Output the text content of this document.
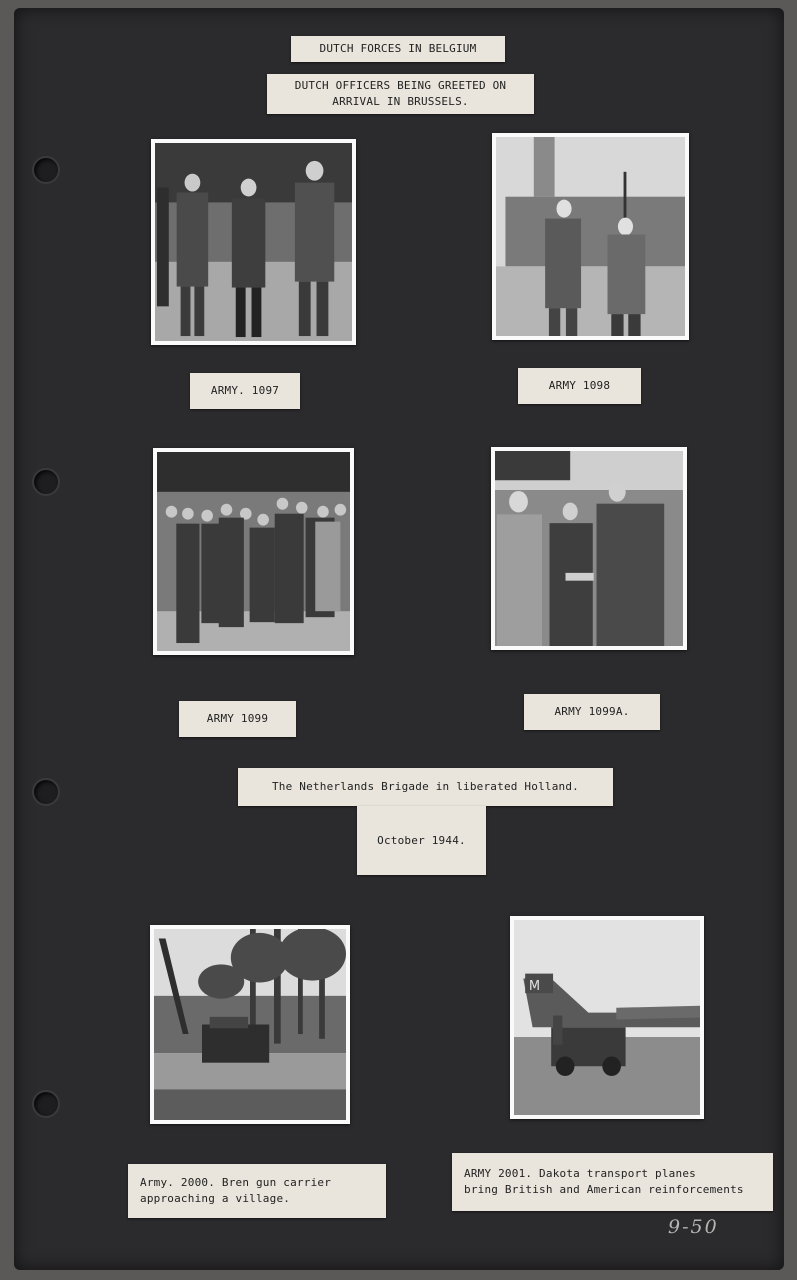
DUTCH FORCES IN BELGIUM
DUTCH OFFICERS BEING GREETED ON
ARRIVAL IN BRUSSELS.
ARMY. 1097	ARMY 1098
ARMY 1099
ARMY 1099A.
The Netherlands Brigade in liberated Holland.
October 1944.
Army. 2000. Bren gun carrier
approaching a village.
M
ARMY 2001. Dakota transport planes
bring British and American reinforcements
9-50
